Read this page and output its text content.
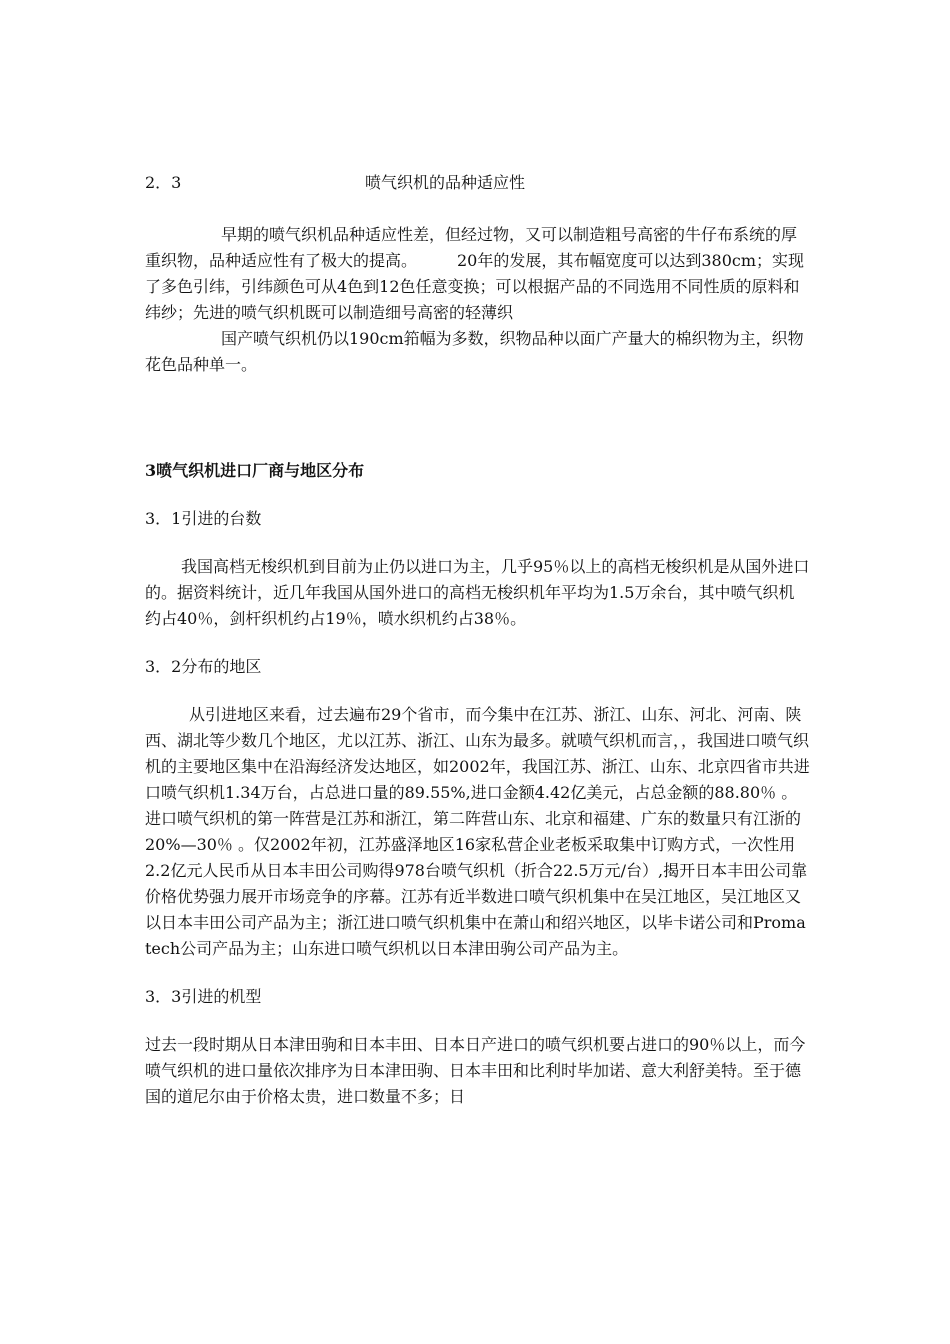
2．3	喷气织机的品种适应性

早期的喷气织机品种适应性差，但经过物，又可以制造粗号高密的牛仔布系统的厚重织物，品种适应性有了极大的提高。　　　20年的发展，其布幅宽度可以达到380cm；实现了多色引纬，引纬颜色可从4色到12色任意变换；可以根据产品的不同选用不同性质的原料和纬纱；先进的喷气织机既可以制造细号高密的轻薄织

国产喷气织机仍以190cm筘幅为多数，织物品种以面广产量大的棉织物为主，织物花色品种单一。

3喷气织机进口厂商与地区分布
3．1引进的台数

我国高档无梭织机到目前为止仍以进口为主，几乎95％以上的高档无梭织机是从国外进口的。据资料统计，近几年我国从国外进口的高档无梭织机年平均为1.5万余台，其中喷气织机约占40％，剑杆织机约占19％，喷水织机约占38％。

3．2分布的地区

从引进地区来看，过去遍布29个省市，而今集中在江苏、浙江、山东、河北、河南、陕西、湖北等少数几个地区，尤以江苏、浙江、山东为最多。就喷气织机而言，，我国进口喷气织机的主要地区集中在沿海经济发达地区，如2002年，我国江苏、浙江、山东、北京四省市共进口喷气织机1.34万台，占总进口量的89.55%,进口金额4.42亿美元，占总金额的88.80％ 。进口喷气织机的第一阵营是江苏和浙江，第二阵营山东、北京和福建、广东的数量只有江浙的20%—30％ 。仅2002年初，江苏盛泽地区16家私营企业老板采取集中订购方式，一次性用2.2亿元人民币从日本丰田公司购得978台喷气织机（折合22.5万元/台）,揭开日本丰田公司靠价格优势强力展开市场竞争的序幕。江苏有近半数进口喷气织机集中在吴江地区，吴江地区又以日本丰田公司产品为主；浙江进口喷气织机集中在萧山和绍兴地区，以毕卡诺公司和Promatech公司产品为主；山东进口喷气织机以日本津田驹公司产品为主。

3．3引进的机型

过去一段时期从日本津田驹和日本丰田、日本日产进口的喷气织机要占进口的90％以上，而今喷气织机的进口量依次排序为日本津田驹、日本丰田和比利时毕加诺、意大利舒美特。至于德国的道尼尔由于价格太贵，进口数量不多；日
